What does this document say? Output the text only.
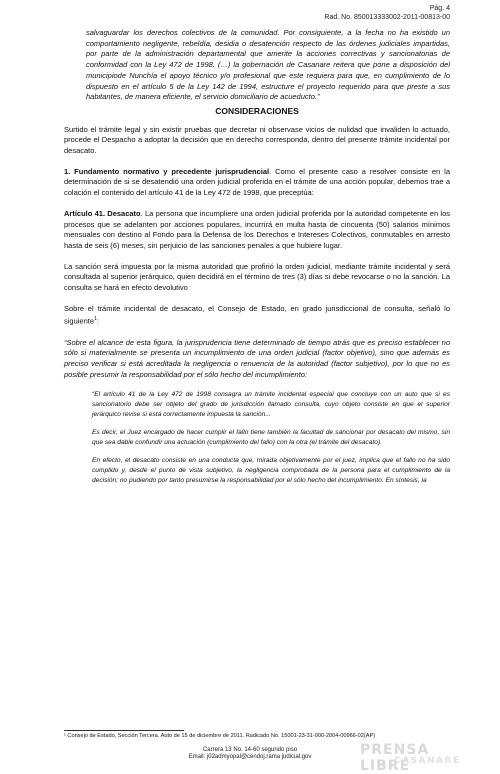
Pág. 4
Rad. No. 850013333002-2011-00813-00

salvaguardar los derechos colectivos de la comunidad. Por consiguiente, a la fecha no ha existido un comportamiento negligente, rebeldía, desidia o desatención respecto de las órdenes judiciales impartidas, por parte de la administración departamental que amerite la acciones correctivas y sancionatorias de conformidad con la Ley 472 de 1998. (…) la gobernación de Casanare reitera que pone a disposición del municipiode Nunchía el apoyo técnico y/o profesional que este requiera para que, en cumplimiento de lo dispuesto en el artículo 5 de la Ley 142 de 1994, estructure el proyecto requerido para que preste a sus habitantes, de manera eficiente, el servicio domiciliario de acueducto.”

CONSIDERACIONES

Surtido el trámite legal y sin existir pruebas que decretar ni observase vicios de nulidad que invaliden lo actuado, procede el Despacho a adoptar la decisión que en derecho corresponda, dentro del presente trámite incidental por desacato.

1. Fundamento normativo y precedente jurisprudencial. Como el presente caso a resolver consiste en la determinación de si se desatendió una orden judicial proferida en el trámite de una acción popular, debemos trae a colación el contenido del artículo 41 de la Ley 472 de 1998, que preceptúa:

Artículo 41. Desacato. La persona que incumpliere una orden judicial proferida por la autoridad competente en los procesos que se adelanten por acciones populares, incurrirá en multa hasta de cincuenta (50) salarios mínimos mensuales con destino al Fondo para la Defensa de los Derechos e Intereses Colectivos, conmutables en arresto hasta de seis (6) meses, sin perjuicio de las sanciones penales a que hubiere lugar.

La sanción será impuesta por la misma autoridad que profirió la orden judicial, mediante trámite incidental y será consultada al superior jerárquico, quien decidirá en el término de tres (3) días si debe revocarse o no la sanción. La consulta se hará en efecto devolutivo

Sobre el trámite incidental de desacato, el Consejo de Estado, en grado jurisdiccional de consulta, señaló lo siguiente$^1$:

“Sobre el alcance de esta figura, la jurisprudencia tiene determinado de tiempo atrás que es preciso establecer no sólo si materialmente se presenta un incumplimiento de una orden judicial (factor objetivo), sino que además es preciso verificar si está acreditada la negligencia o renuencia de la autoridad (factor subjetivo), por lo que no es posible presumir la responsabilidad por el sólo hecho del incumplimiento:

“El artículo 41 de la Ley 472 de 1998 consagra un trámite incidental especial que concluye con un auto que si es sancionatorio debe ser objeto del grado de jurisdicción llamado consulta, cuyo objeto consiste en que el superior jerárquico revise si está correctamente impuesta la sanción...

Es decir, el Juez encargado de hacer cumplir el fallo tiene también la facultad de sancionar por desacato del mismo, sin que sea dable confundir una actuación (cumplimiento del fallo) con la otra (el trámite del desacato).

En efecto, el desacato consiste en una conducta que, mirada objetivamente por el juez, implica que el fallo no ha sido cumplido y, desde el punto de vista subjetivo, la negligencia comprobada de la persona para el cumplimiento de la decisión; no pudiendo por tanto presumirse la responsabilidad por el sólo hecho del incumplimiento. En síntesis, la

¹ Consejo de Estado, Sección Tercera. Auto de 15 de diciembre de 2011. Radicado No. 15001-23-31-000-2004-00966-02(AP)
Carrera 13 No. 14-60 segundo piso
Email: j02admyopal@cendoj.rama judicial.gov	PRENSA LIBRE
CASANARE
